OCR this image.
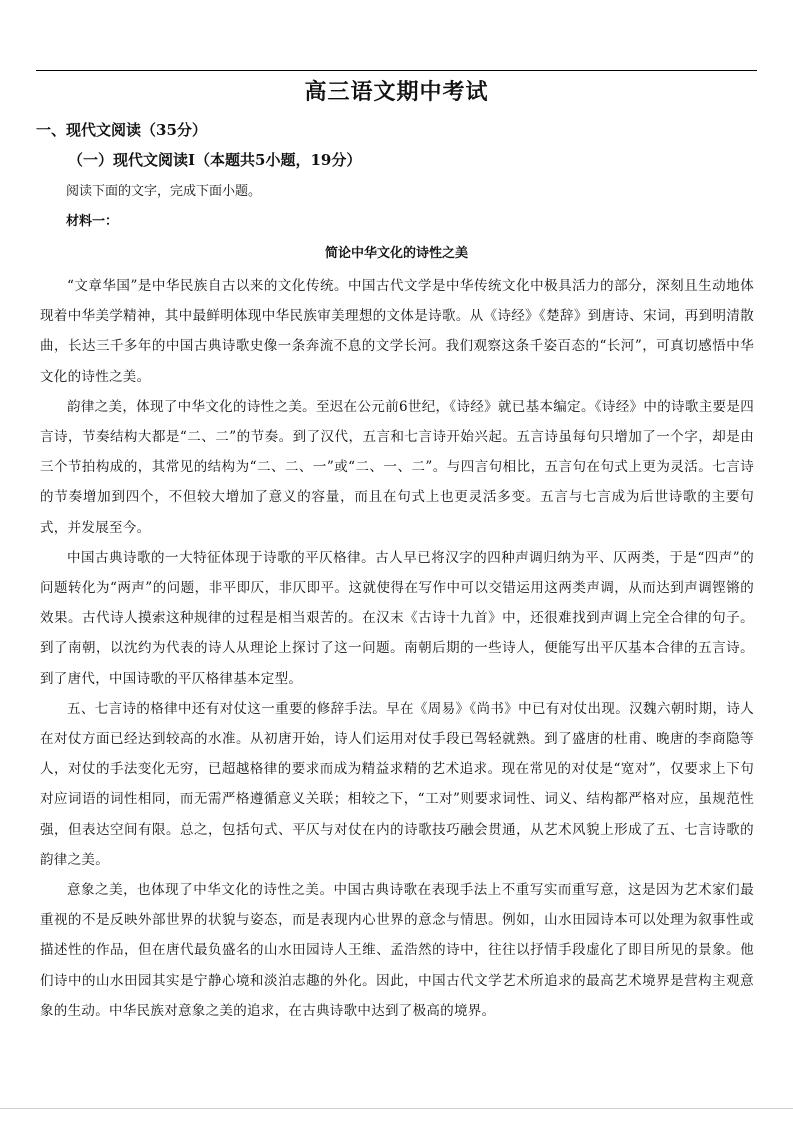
高三语文期中考试
一、现代文阅读（35分）
（一）现代文阅读Ⅰ（本题共5小题，19分）
阅读下面的文字，完成下面小题。
材料一：
简论中华文化的诗性之美

“文章华国”是中华民族自古以来的文化传统。中国古代文学是中华传统文化中极具活力的部分，深刻且生动地体现着中华美学精神，其中最鲜明体现中华民族审美理想的文体是诗歌。从《诗经》《楚辞》到唐诗、宋词，再到明清散曲，长达三千多年的中国古典诗歌史像一条奔流不息的文学长河。我们观察这条千姿百态的“长河”，可真切感悟中华文化的诗性之美。

韵律之美，体现了中华文化的诗性之美。至迟在公元前6世纪，《诗经》就已基本编定。《诗经》中的诗歌主要是四言诗，节奏结构大都是“二、二”的节奏。到了汉代，五言和七言诗开始兴起。五言诗虽每句只增加了一个字，却是由三个节拍构成的，其常见的结构为“二、二、一”或“二、一、二”。与四言句相比，五言句在句式上更为灵活。七言诗的节奏增加到四个，不但较大增加了意义的容量，而且在句式上也更灵活多变。五言与七言成为后世诗歌的主要句式，并发展至今。

中国古典诗歌的一大特征体现于诗歌的平仄格律。古人早已将汉字的四种声调归纳为平、仄两类，于是“四声”的问题转化为“两声”的问题，非平即仄，非仄即平。这就使得在写作中可以交错运用这两类声调，从而达到声调铿锵的效果。古代诗人摸索这种规律的过程是相当艰苦的。在汉末《古诗十九首》中，还很难找到声调上完全合律的句子。到了南朝，以沈约为代表的诗人从理论上探讨了这一问题。南朝后期的一些诗人，便能写出平仄基本合律的五言诗。到了唐代，中国诗歌的平仄格律基本定型。

五、七言诗的格律中还有对仗这一重要的修辞手法。早在《周易》《尚书》中已有对仗出现。汉魏六朝时期，诗人在对仗方面已经达到较高的水准。从初唐开始，诗人们运用对仗手段已驾轻就熟。到了盛唐的杜甫、晚唐的李商隐等人，对仗的手法变化无穷，已超越格律的要求而成为精益求精的艺术追求。现在常见的对仗是“宽对”，仅要求上下句对应词语的词性相同，而无需严格遵循意义关联；相较之下，“工对”则要求词性、词义、结构都严格对应，虽规范性强，但表达空间有限。总之，包括句式、平仄与对仗在内的诗歌技巧融会贯通，从艺术风貌上形成了五、七言诗歌的韵律之美。

意象之美，也体现了中华文化的诗性之美。中国古典诗歌在表现手法上不重写实而重写意，这是因为艺术家们最重视的不是反映外部世界的状貌与姿态，而是表现内心世界的意念与情思。例如，山水田园诗本可以处理为叙事性或描述性的作品，但在唐代最负盛名的山水田园诗人王维、孟浩然的诗中，往往以抒情手段虚化了即目所见的景象。他们诗中的山水田园其实是宁静心境和淡泊志趣的外化。因此，中国古代文学艺术所追求的最高艺术境界是营构主观意象的生动。中华民族对意象之美的追求，在古典诗歌中达到了极高的境界。
